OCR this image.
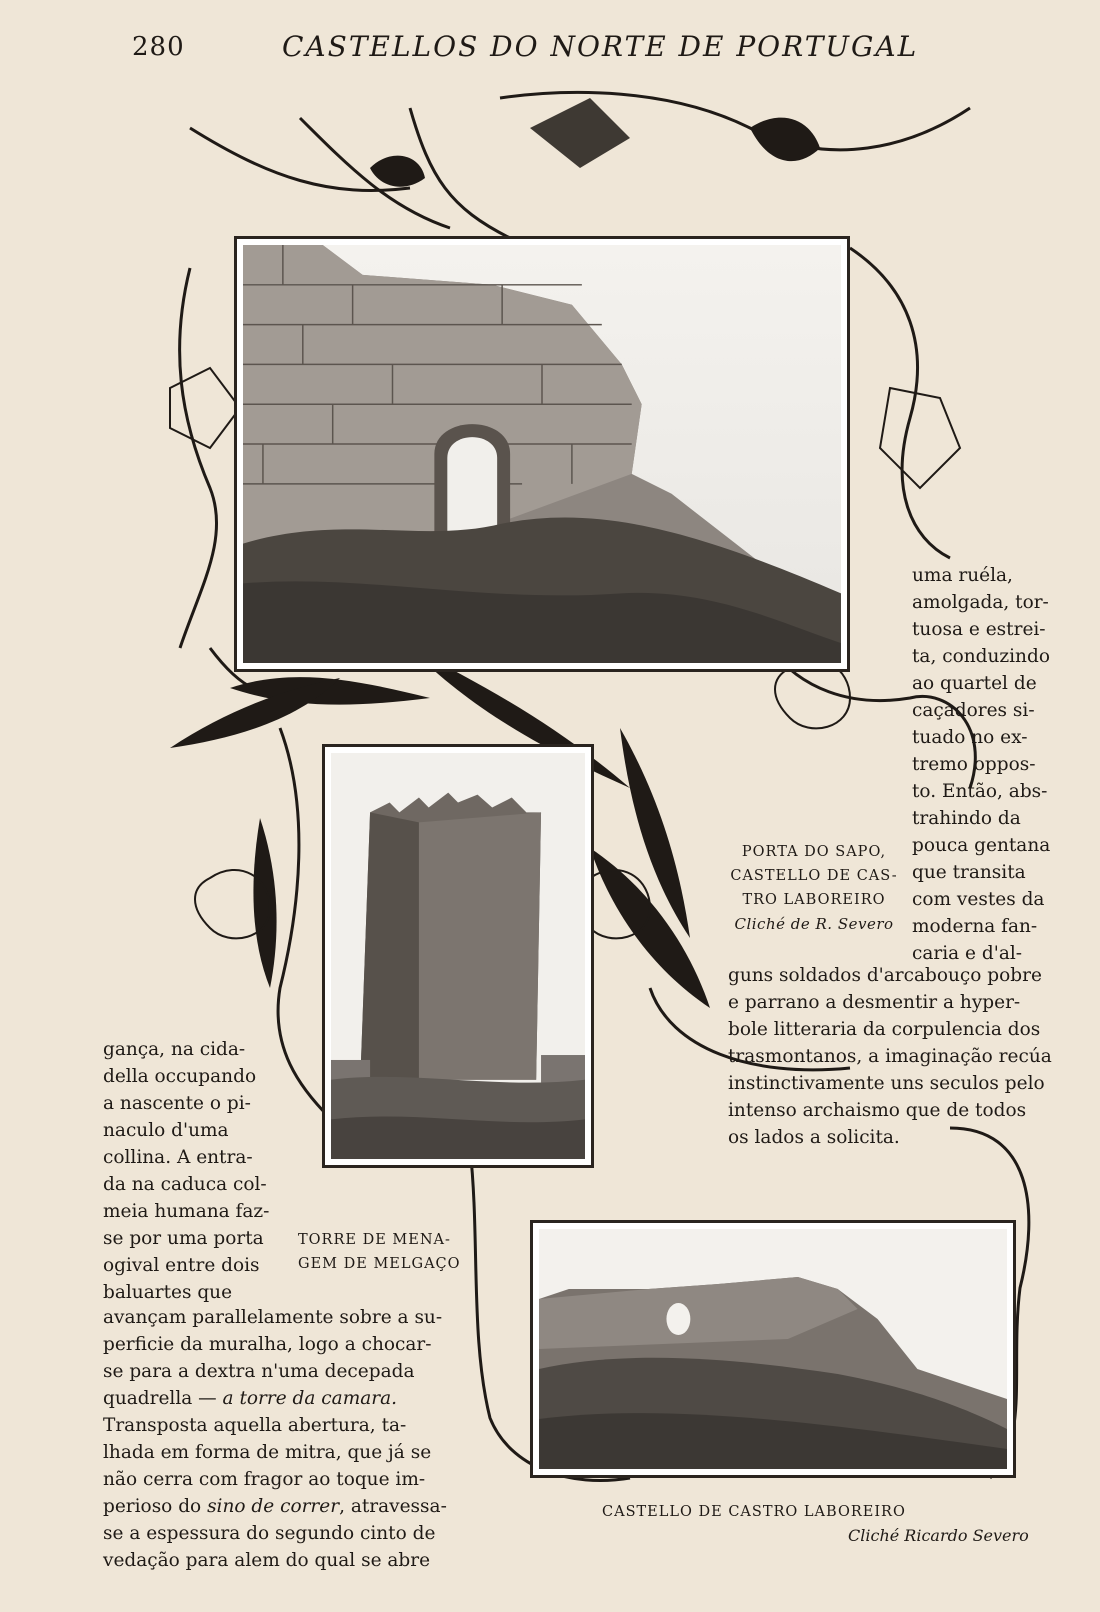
280	CASTELLOS DO NORTE DE PORTUGAL
PORTA DO SAPO,
CASTELLO DE CAS-
TRO LABOREIRO
Cliché de R. Severo
TORRE DE MENA-
GEM DE MELGAÇO
CASTELLO DE CASTRO LABOREIRO
Cliché Ricardo Severo
uma ruéla,
amolgada, tor-
tuosa e estrei-
ta, conduzindo
ao quartel de
caçadores si-
tuado no ex-
tremo oppos-
to. Então, abs-
trahindo da
pouca gentana
que transita
com vestes da
moderna fan-
caria e d'al-
guns soldados d'arcabouço pobre
e parrano a desmentir a hyper-
bole litteraria da corpulencia dos
trasmontanos, a imaginação recúa
instinctivamente uns seculos pelo
intenso archaismo que de todos
os lados a solicita.
gança, na cida-
della occupando
a nascente o pi-
naculo d'uma
collina. A entra-
da na caduca col-
meia humana faz-
se por uma porta
ogival entre dois
baluartes que
avançam parallelamente sobre a su-
perficie da muralha, logo a chocar-
se para a dextra n'uma decepada
quadrella — a torre da camara.
Transposta aquella abertura, ta-
lhada em forma de mitra, que já se
não cerra com fragor ao toque im-
perioso do sino de correr, atravessa-
se a espessura do segundo cinto de
vedação para alem do qual se abre
